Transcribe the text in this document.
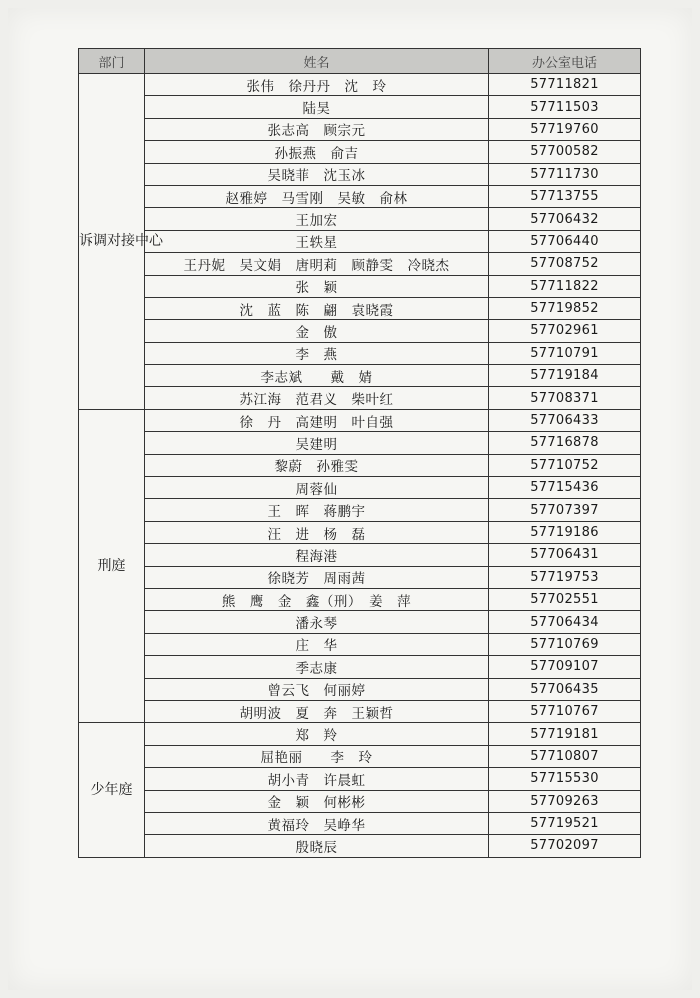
部门	姓名	办公室电话
诉调对接中心	张伟　徐丹丹　沈　玲	57711821
	陆昊	57711503
	张志高　顾宗元	57719760
	孙振燕　俞吉	57700582
	吴晓菲　沈玉冰	57711730
	赵雅婷　马雪刚　吴敏　俞林	57713755
	王加宏	57706432
	王轶星	57706440
	王丹妮　吴文娟　唐明莉　顾静雯　冷晓杰	57708752
	张　颖	57711822
	沈　蓝　陈　翩　袁晓霞	57719852
	金　傲	57702961
	李　燕	57710791
	李志斌　　戴　婧	57719184
	苏江海　范君义　柴叶红	57708371
刑庭	徐　丹　高建明　叶自强	57706433
	吴建明	57716878
	黎蔚　孙雅雯	57710752
	周蓉仙	57715436
	王　晖　蒋鹏宇	57707397
	汪　进　杨　磊	57719186
	程海港	57706431
	徐晓芳　周雨茜	57719753
	熊　鹰　金　鑫（刑）　姜　萍	57702551
	潘永琴	57706434
	庄　华	57710769
	季志康	57709107
	曾云飞　何丽婷	57706435
	胡明波　夏　奔　王颖哲	57710767
少年庭	郑　羚	57719181
	屈艳丽　　李　玲	57710807
	胡小青　许晨虹	57715530
	金　颖　何彬彬	57709263
	黄福玲　吴峥华	57719521
	殷晓辰	57702097
